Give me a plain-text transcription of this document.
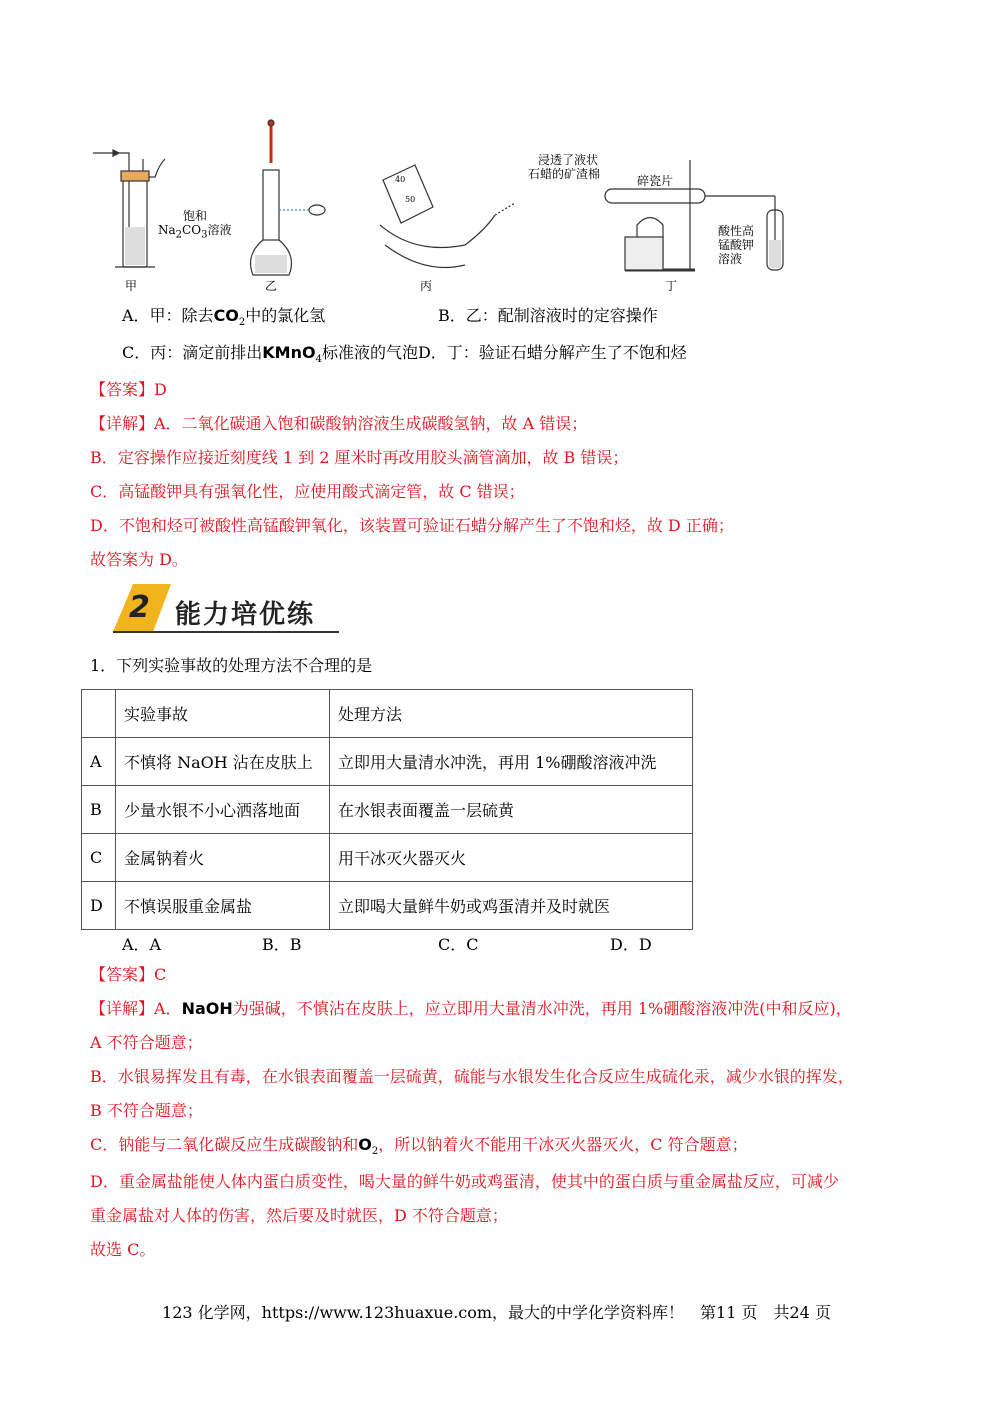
甲	乙	丙	丁
饱和
$Na_2CO_3$溶液
40
50
浸透了液状
石蜡的矿渣棉	碎瓷片
酸性高
锰酸钾
溶液
A．甲：除去$CO_2$中的氯化氢	B．乙：配制溶液时的定容操作
C．丙：滴定前排出KMnO$_4$标准液的气泡D．丁：验证石蜡分解产生了不饱和烃
【答案】D
【详解】A．二氧化碳通入饱和碳酸钠溶液生成碳酸氢钠，故 A 错误；
B．定容操作应接近刻度线 1 到 2 厘米时再改用胶头滴管滴加，故 B 错误；
C．高锰酸钾具有强氧化性，应使用酸式滴定管，故 C 错误；
D．不饱和烃可被酸性高锰酸钾氧化，该装置可验证石蜡分解产生了不饱和烃，故 D 正确；
故答案为 D。
2 能力培优练
1．下列实验事故的处理方法不合理的是
	实验事故	处理方法
A	不慎将 NaOH 沾在皮肤上	立即用大量清水冲洗，再用 1%硼酸溶液冲洗
B	少量水银不小心洒落地面	在水银表面覆盖一层硫黄
C	金属钠着火	用干冰灭火器灭火
D	不慎误服重金属盐	立即喝大量鲜牛奶或鸡蛋清并及时就医
A．A	B．B	C．C	D．D
【答案】C
【详解】A．NaOH为强碱，不慎沾在皮肤上，应立即用大量清水冲洗，再用 1%硼酸溶液冲洗(中和反应)，
A 不符合题意；
B．水银易挥发且有毒，在水银表面覆盖一层硫黄，硫能与水银发生化合反应生成硫化汞，减少水银的挥发，
B 不符合题意；
C．钠能与二氧化碳反应生成碳酸钠和$O_2$，所以钠着火不能用干冰灭火器灭火，C 符合题意；
D．重金属盐能使人体内蛋白质变性，喝大量的鲜牛奶或鸡蛋清，使其中的蛋白质与重金属盐反应，可减少
重金属盐对人体的伤害，然后要及时就医，D 不符合题意；
故选 C。
123 化学网，https://www.123huaxue.com，最大的中学化学资料库！　第11 页　共24 页
